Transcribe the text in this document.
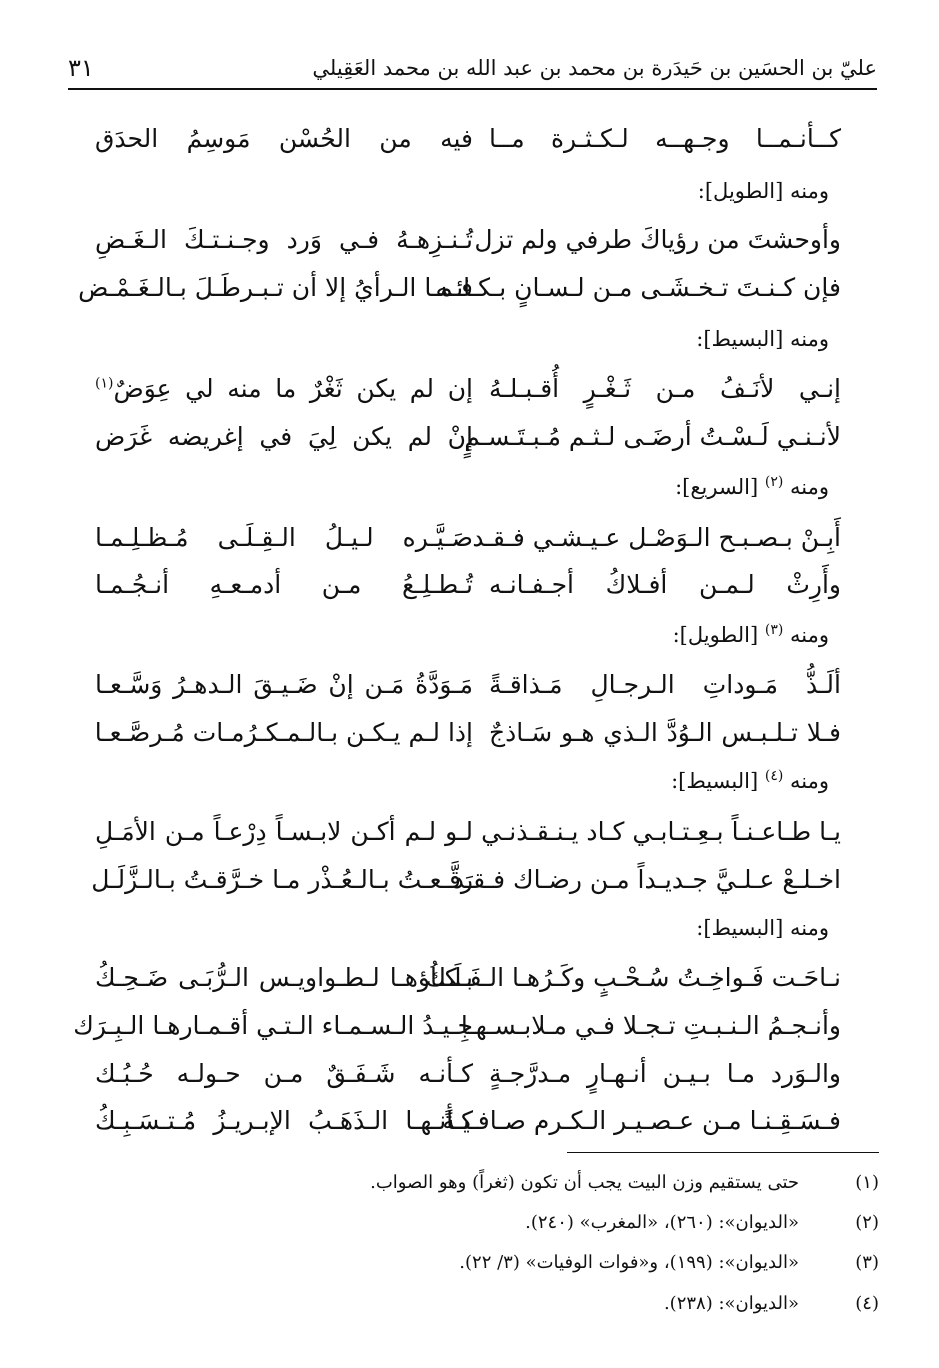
عليّ بن الحسَين بن حَيدَرة بن محمد بن عبد الله بن محمد العَقِيلي
٣١
كــأنـمــا وجـهــه لـكـثـرة مــا
فيه من الحُسْن مَوسِمُ الحدَق
ومنه [ الطويل ]:
وأوحشتَ من رؤياكَ طرفي ولم تزل
تُـنـزِهـهُ فـي وَرد وجـنـتـكَ الـغَـضِ
فإن كـنـتَ تـخـشَـى مـن لـسـانٍ بـكـائـه
فـمـا الـرأيُ إلا أن تـبـرطَـلَ بـالـغَـمْـض
ومنه [ البسيط ]:
إنـي لأنَـفُ مـن ثَـغْـرٍ أُقـبـلـهُ
إن لم يكن ثَغْرٌ ما منه لي عِوَضٌ$^{(١)}$
لأنـنـي لَـسْـتُ أرضَـى لـثـم مُـبـتَـسـمٍ
إنْ لم يكن لِيَ في إغريضه غَرَض
ومنه $^{(٢)}$ [ السريع ]:
أَبِـنْ بـصـبـح الـوَصْـل عـيـشـي فـقـد
صَـيَّـره لـيـلُ الـقِـلَـى مُـظـلِـمـا
وأَرِثْ لـمـن أفـلاكُ أجـفـانـه
تُـطـلِـعُ مـن أدمـعـهِ أنـجُـمـا
ومنه $^{(٣)}$ [ الطويل ]:
ألَـذُّ مَـوداتِ الـرجـالِ مَـذاقـةً
مَـوَدَّةُ مَـن إنْ ضَـيـقَ الـدهـرُ وَسَّـعـا
فـلا تـلـبـس الـوُدَّ الـذي هـو سَـاذجٌ
إذا لـم يـكـن بـالـمـكـرُمـات مُـرصَّـعـا
ومنه $^{(٤)}$ [ البسيط ]:
يـا طـاعـنـاً بـعِـتـابـي كـاد يـنـقـذنـي
لـو لـم أكـن لابـسـاً دِرْعـاً مـن الأمَـلِ
اخـلـعْ عـلـيَّ جـديـداً مـن رضـاك فـقـد
رَقَّـعـتُ بـالـعُـذْر مـا خـرَّقـتُ بـالـزَّلَـل
ومنه [ البسيط ]:
نـاحَـت فَـواخِـتُ سُـحْـبٍ وكَـرُهـا الـفَـلَـكُ
بـكـاؤهـا لـطـواويـس الـرُّبَـى ضَـحِـكُ
وأنـجـمُ الـنـبـتِ تـجـلا فـي مـلابـسـهـا
جِـيـدُ الـسـمـاء الـتـي أقـمـارهـا الـبِـرَك
والـوَرد مـا بـيـن أنـهـارٍ مـدرَّجـةٍ
كـأنـه شَـفَـقٌ مـن حـولـه حُـبُـك
فـسَـقِـنـا مـن عـصـيـر الـكـرم صـافـيـةً
كـأنـهـا الـذَهَـبُ الإبـريـزُ مُـتـسَـبِـكُ
(١)
حتى يستقيم وزن البيت يجب أن تكون (ثغراً) وهو الصواب.
(٢)
«الديوان»: (٢٦٠)، «المغرب» (٢٤٠).
(٣)
«الديوان»: (١٩٩)، و«فوات الوفيات» (٣/ ٢٢).
(٤)
«الديوان»: (٢٣٨).
